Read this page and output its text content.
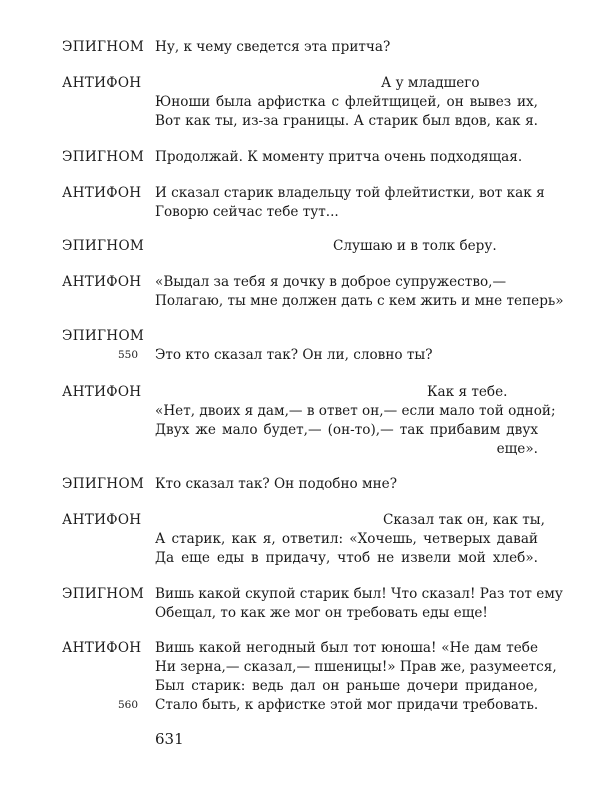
ЭПИГНОМ Ну, к чему сведется эта притча?
АНТИФОН	А у младшего
Юноши была арфистка с флейтщицей, он вывез их,
Вот как ты, из-за границы. А старик был вдов, как я.
ЭПИГНОМ Продолжай. К моменту притча очень подходящая.
АНТИФОН И сказал старик владельцу той флейтистки, вот как я
Говорю сейчас тебе тут...
ЭПИГНОМ	Слушаю и в толк беру.
АНТИФОН «Выдал за тебя я дочку в доброе супружество,—
Полагаю, ты мне должен дать с кем жить и мне теперь»
ЭПИГНОМ
550 Это кто сказал так? Он ли, словно ты?
АНТИФОН	Как я тебе.
«Нет, двоих я дам,— в ответ он,— если мало той одной;
Двух же мало будет,— (он-то),— так прибавим двух
еще».
ЭПИГНОМ Кто сказал так? Он подобно мне?
АНТИФОН	Сказал так он, как ты,
А старик, как я, ответил: «Хочешь, четверых давай
Да еще еды в придачу, чтоб не извели мой хлеб».
ЭПИГНОМ Вишь какой скупой старик был! Что сказал! Раз тот ему
Обещал, то как же мог он требовать еды еще!
АНТИФОН Вишь какой негодный был тот юноша! «Не дам тебе
Ни зерна,— сказал,— пшеницы!» Прав же, разумеется,
Был старик: ведь дал он раньше дочери приданое,
560 Стало быть, к арфистке этой мог придачи требовать.
631
